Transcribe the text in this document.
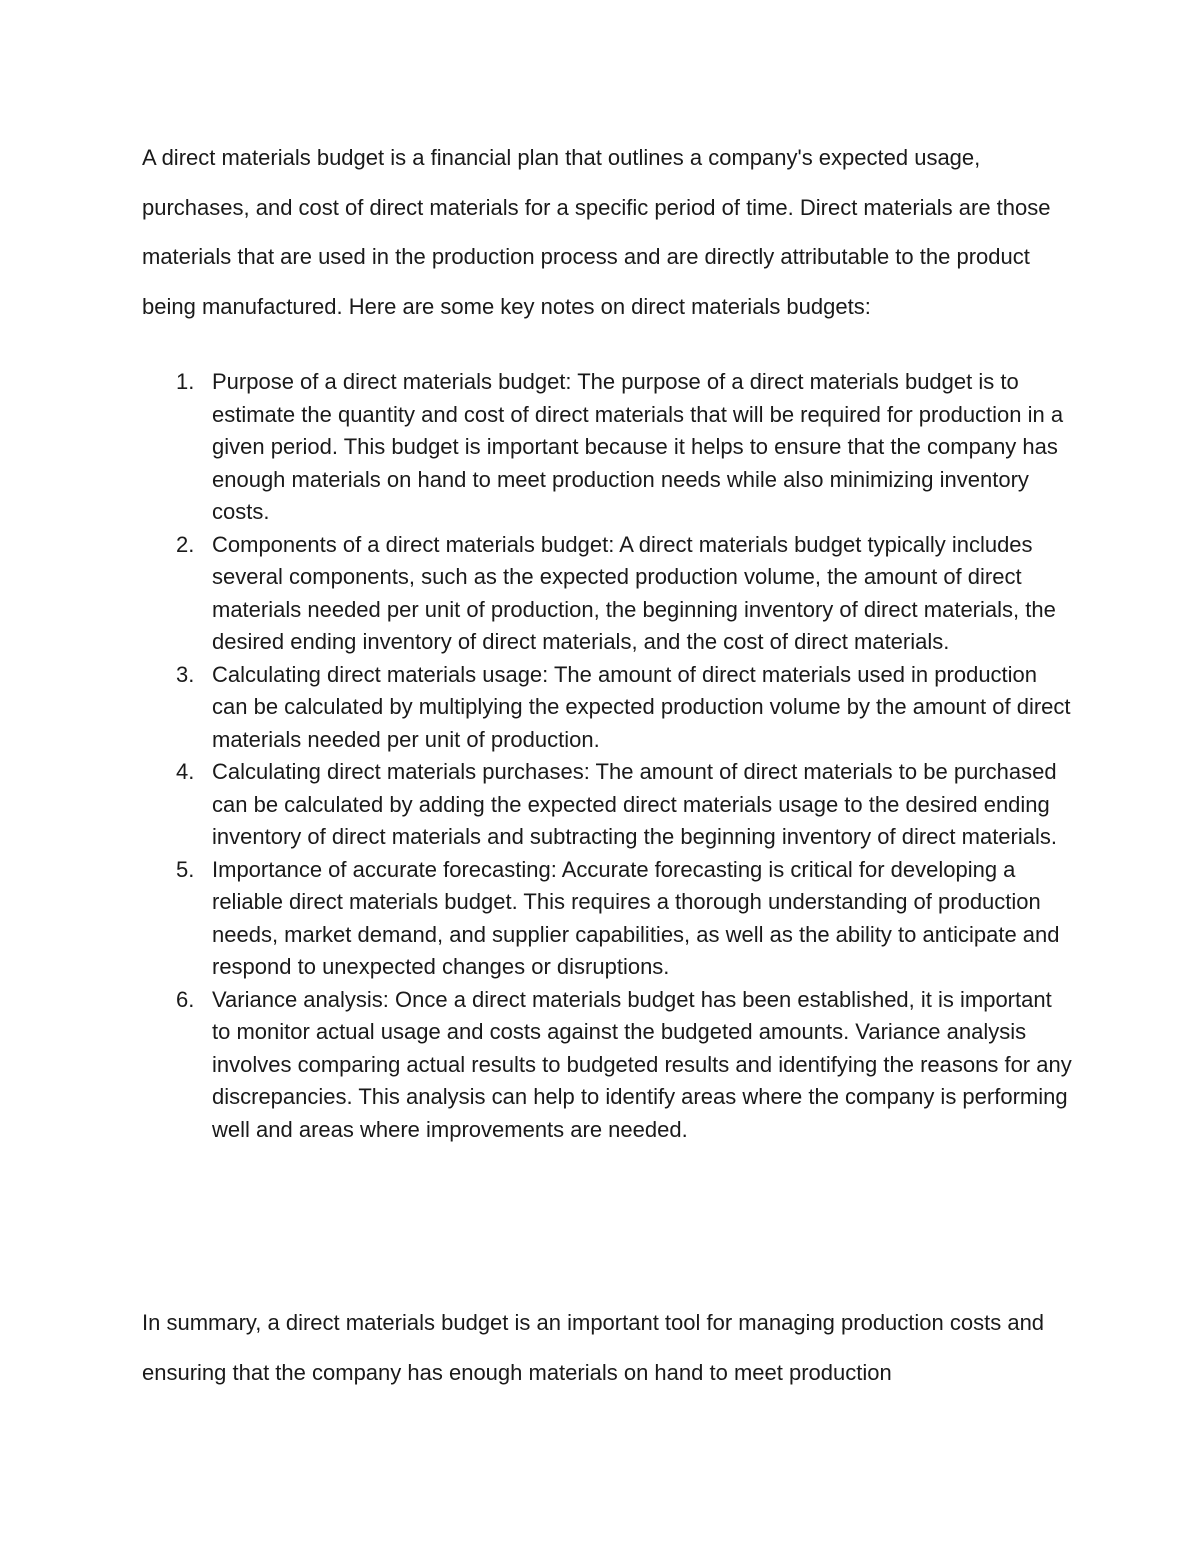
A direct materials budget is a financial plan that outlines a company's expected usage, purchases, and cost of direct materials for a specific period of time. Direct materials are those materials that are used in the production process and are directly attributable to the product being manufactured. Here are some key notes on direct materials budgets:

1. Purpose of a direct materials budget: The purpose of a direct materials budget is to estimate the quantity and cost of direct materials that will be required for production in a given period. This budget is important because it helps to ensure that the company has enough materials on hand to meet production needs while also minimizing inventory costs.
2. Components of a direct materials budget: A direct materials budget typically includes several components, such as the expected production volume, the amount of direct materials needed per unit of production, the beginning inventory of direct materials, the desired ending inventory of direct materials, and the cost of direct materials.
3. Calculating direct materials usage: The amount of direct materials used in production can be calculated by multiplying the expected production volume by the amount of direct materials needed per unit of production.
4. Calculating direct materials purchases: The amount of direct materials to be purchased can be calculated by adding the expected direct materials usage to the desired ending inventory of direct materials and subtracting the beginning inventory of direct materials.
5. Importance of accurate forecasting: Accurate forecasting is critical for developing a reliable direct materials budget. This requires a thorough understanding of production needs, market demand, and supplier capabilities, as well as the ability to anticipate and respond to unexpected changes or disruptions.
6. Variance analysis: Once a direct materials budget has been established, it is important to monitor actual usage and costs against the budgeted amounts. Variance analysis involves comparing actual results to budgeted results and identifying the reasons for any discrepancies. This analysis can help to identify areas where the company is performing well and areas where improvements are needed.

In summary, a direct materials budget is an important tool for managing production costs and ensuring that the company has enough materials on hand to meet production
